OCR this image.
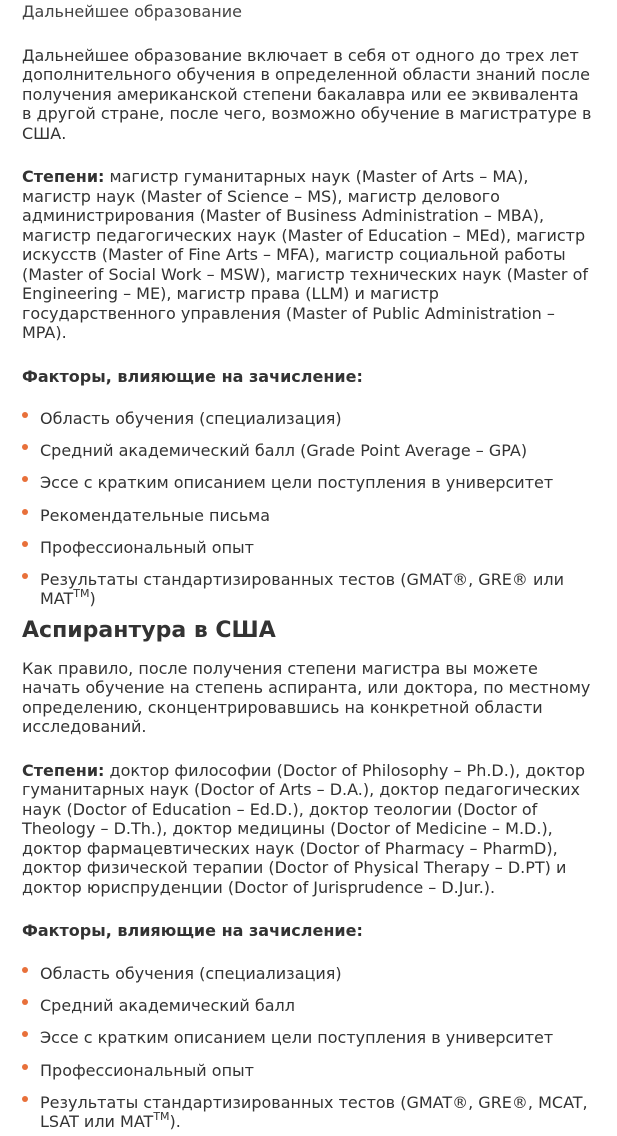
Дальнейшее образование

Дальнейшее образование включает в себя от одного до трех лет дополнительного обучения в определенной области знаний после получения американской степени бакалавра или ее эквивалента в другой стране, после чего, возможно обучение в магистратуре в США.

Степени: магистр гуманитарных наук (Master of Arts – MA), магистр наук (Master of Science – MS), магистр делового администрирования (Master of Business Administration – MBA), магистр педагогических наук (Master of Education – MEd), магистр искусств (Master of Fine Arts – MFA), магистр социальной работы (Master of Social Work – MSW), магистр технических наук (Master of Engineering – ME), магистр права (LLM) и магистр государственного управления (Master of Public Administration – MPA).

Факторы, влияющие на зачисление:

Область обучения (специализация)
Средний академический балл (Grade Point Average – GPA)
Эссе с кратким описанием цели поступления в университет
Рекомендательные письма
Профессиональный опыт
Результаты стандартизированных тестов (GMAT®, GRE® или MAT™)
Аспирантура в США

Как правило, после получения степени магистра вы можете начать обучение на степень аспиранта, или доктора, по местному определению, сконцентрировавшись на конкретной области исследований.

Степени: доктор философии (Doctor of Philosophy – Ph.D.), доктор гуманитарных наук (Doctor of Arts – D.A.), доктор педагогических наук (Doctor of Education – Ed.D.), доктор теологии (Doctor of Theology – D.Th.), доктор медицины (Doctor of Medicine – M.D.), доктор фармацевтических наук (Doctor of Pharmacy – PharmD), доктор физической терапии (Doctor of Physical Therapy – D.PT) и доктор юриспруденции (Doctor of Jurisprudence – D.Jur.).

Факторы, влияющие на зачисление:

Область обучения (специализация)
Средний академический балл
Эссе с кратким описанием цели поступления в университет
Профессиональный опыт
Результаты стандартизированных тестов (GMAT®, GRE®, MCAT, LSAT или MAT™).
